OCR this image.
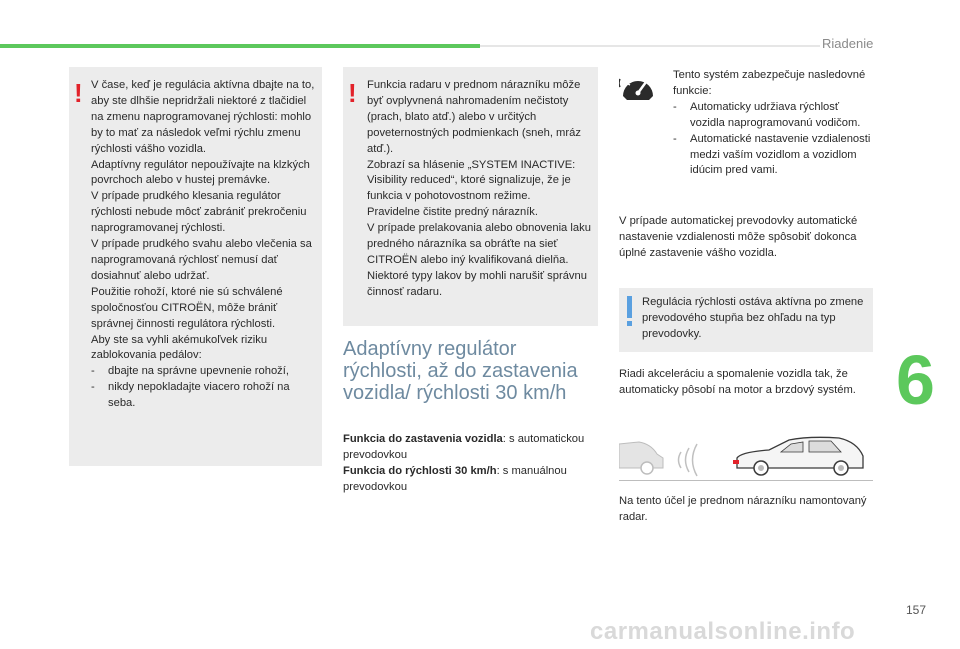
Riadenie
6
157
carmanualsonline.info
! V čase, keď je regulácia aktívna dbajte na to, aby ste dlhšie nepridržali niektoré z tlačidiel na zmenu naprogramovanej rýchlosti: mohlo by to mať za následok veľmi rýchlu zmenu rýchlosti vášho vozidla.

Adaptívny regulátor nepoužívajte na klzkých povrchoch alebo v hustej premávke.

V prípade prudkého klesania regulátor rýchlosti nebude môcť zabrániť prekročeniu naprogramovanej rýchlosti.

V prípade prudkého svahu alebo vlečenia sa naprogramovaná rýchlosť nemusí dať dosiahnuť alebo udržať.

Použitie rohoží, ktoré nie sú schválené spoločnosťou CITROËN, môže brániť správnej činnosti regulátora rýchlosti.

Aby ste sa vyhli akémukoľvek riziku zablokovania pedálov:

-	dbajte na správne upevnenie rohoží,
-	nikdy nepokladajte viacero rohoží na seba.
! Funkcia radaru v prednom nárazníku môže byť ovplyvnená nahromadením nečistoty (prach, blato atď.) alebo v určitých poveternostných podmienkach (sneh, mráz atď.).

Zobrazí sa hlásenie „SYSTEM INACTIVE: Visibility reduced“, ktoré signalizuje, že je funkcia v pohotovostnom režime.

Pravidelne čistite predný nárazník.

V prípade prelakovania alebo obnovenia laku predného nárazníka sa obráťte na sieť CITROËN alebo iný kvalifikovaná dielňa. Niektoré typy lakov by mohli narušiť správnu činnosť radaru.

Adaptívny regulátor rýchlosti, až do zastavenia vozidla/ rýchlosti 30 km/h

Funkcia do zastavenia vozidla: s automatickou prevodovkou

Funkcia do rýchlosti 30 km/h: s manuálnou prevodovkou

Tento systém zabezpečuje nasledovné funkcie:

-	Automaticky udržiava rýchlosť vozidla naprogramovanú vodičom.
-	Automatické nastavenie vzdialenosti medzi vaším vozidlom a vozidlom idúcim pred vami.
V prípade automatickej prevodovky automatické nastavenie vzdialenosti môže spôsobiť dokonca úplné zastavenie vášho vozidla.
Regulácia rýchlosti ostáva aktívna po zmene prevodového stupňa bez ohľadu na typ prevodovky.
Riadi akceleráciu a spomalenie vozidla tak, že automaticky pôsobí na motor a brzdový systém.
Na tento účel je prednom nárazníku namontovaný radar.
